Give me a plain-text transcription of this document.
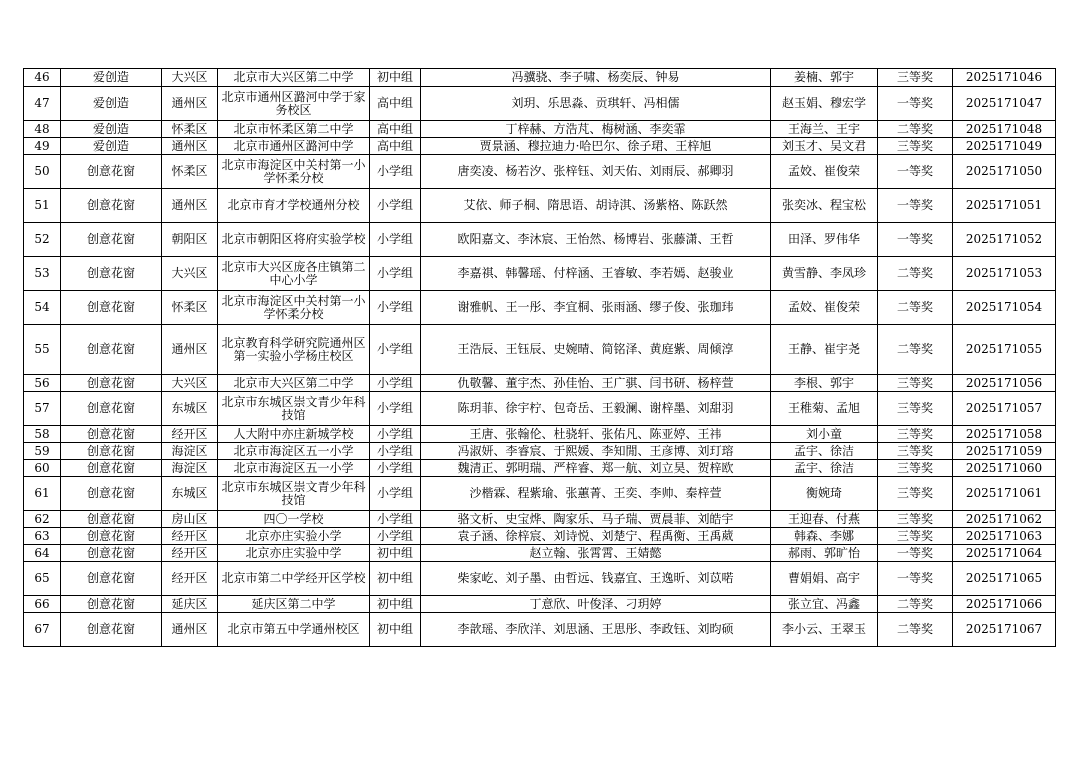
46	爱创造	大兴区	北京市大兴区第二中学	初中组	冯骥骁、李子啸、杨奕辰、钟易	姜楠、郭宇	三等奖	2025171046
47	爱创造	通州区	北京市通州区潞河中学于家务校区	高中组	刘玥、乐思淼、贡琪轩、冯相儒	赵玉娟、穆宏学	一等奖	2025171047
48	爱创造	怀柔区	北京市怀柔区第二中学	高中组	丁梓赫、方浩芃、梅树涵、李奕霏	王海兰、王宇	二等奖	2025171048
49	爱创造	通州区	北京市通州区潞河中学	高中组	贾景涵、穆拉迪力·哈巴尔、徐子珺、王梓旭	刘玉才、吴文君	三等奖	2025171049
50	创意花窗	怀柔区	北京市海淀区中关村第一小学怀柔分校	小学组	唐奕凌、杨若汐、张梓钰、刘天佑、刘雨辰、郝卿羽	孟姣、崔俊荣	一等奖	2025171050
51	创意花窗	通州区	北京市育才学校通州分校	小学组	艾依、师子桐、隋思语、胡诗淇、汤紫格、陈跃然	张奕冰、程宝松	一等奖	2025171051
52	创意花窗	朝阳区	北京市朝阳区将府实验学校	小学组	欧阳嘉文、李沐宸、王怡然、杨博岩、张藤潇、王哲	田泽、罗伟华	一等奖	2025171052
53	创意花窗	大兴区	北京市大兴区庞各庄镇第二中心小学	小学组	李嘉祺、韩馨瑶、付梓涵、王睿敏、李若嫣、赵骏业	黄雪静、李凤珍	二等奖	2025171053
54	创意花窗	怀柔区	北京市海淀区中关村第一小学怀柔分校	小学组	谢雅帆、王一彤、李宜桐、张雨涵、缪子俊、张珈玮	孟姣、崔俊荣	二等奖	2025171054
55	创意花窗	通州区	北京教育科学研究院通州区第一实验小学杨庄校区	小学组	王浩辰、王钰辰、史婉晴、简铭泽、黄庭紫、周倾淳	王静、崔宇尧	二等奖	2025171055
56	创意花窗	大兴区	北京市大兴区第二中学	小学组	仇敬馨、董宇杰、孙佳怡、王广骐、闫书研、杨梓萱	李根、郭宇	三等奖	2025171056
57	创意花窗	东城区	北京市东城区崇文青少年科技馆	小学组	陈玥菲、徐宇柠、包奇岳、王毅澜、谢梓墨、刘甜羽	王稚菊、孟旭	三等奖	2025171057
58	创意花窗	经开区	人大附中亦庄新城学校	小学组	王唐、张翰伦、杜骁轩、张佑凡、陈亚婷、王祎	刘小童	三等奖	2025171058
59	创意花窗	海淀区	北京市海淀区五一小学	小学组	冯淑妍、李睿宸、于熙媛、李知閒、王彦博、刘玎瑢	孟宇、徐洁	三等奖	2025171059
60	创意花窗	海淀区	北京市海淀区五一小学	小学组	魏清正、郭明瑞、严梓睿、郑一航、刘立昊、贺梓欧	孟宇、徐洁	三等奖	2025171060
61	创意花窗	东城区	北京市东城区崇文青少年科技馆	小学组	沙楷霖、程紫瑜、张蕙菁、王奕、李帅、秦梓萱	衡婉琦	三等奖	2025171061
62	创意花窗	房山区	四〇一学校	小学组	骆文析、史宝烨、陶家乐、马子瑞、贾晨菲、刘皓宇	王迎春、付燕	三等奖	2025171062
63	创意花窗	经开区	北京亦庄实验小学	小学组	袁子涵、徐梓宸、刘诗悦、刘楚宁、程禹衡、王禹葳	韩森、李娜	三等奖	2025171063
64	创意花窗	经开区	北京亦庄实验中学	初中组	赵立翰、张霄霄、王婧懿	郝雨、郭旷怡	一等奖	2025171064
65	创意花窗	经开区	北京市第二中学经开区学校	初中组	柴家屹、刘子墨、由哲远、钱嘉宜、王逸昕、刘苡喏	曹娟娟、高宇	一等奖	2025171065
66	创意花窗	延庆区	延庆区第二中学	初中组	丁意欣、叶俊泽、刁玥婷	张立宜、冯鑫	二等奖	2025171066
67	创意花窗	通州区	北京市第五中学通州校区	初中组	李歆瑶、李欣洋、刘思涵、王思彤、李政钰、刘昀硕	李小云、王翠玉	二等奖	2025171067
